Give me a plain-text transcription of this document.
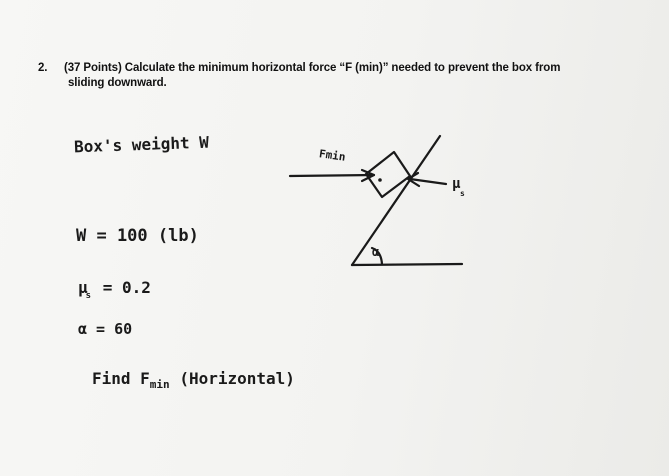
2. (37 Points) Calculate the minimum horizontal force “F (min)” needed to prevent the box from
sliding downward.
Box's weight W
W = 100 (lb)
$\mu_s = 0.2$
α = 60
Find $F_{min}$ (Horizontal)
α
μ
s
Fmin
